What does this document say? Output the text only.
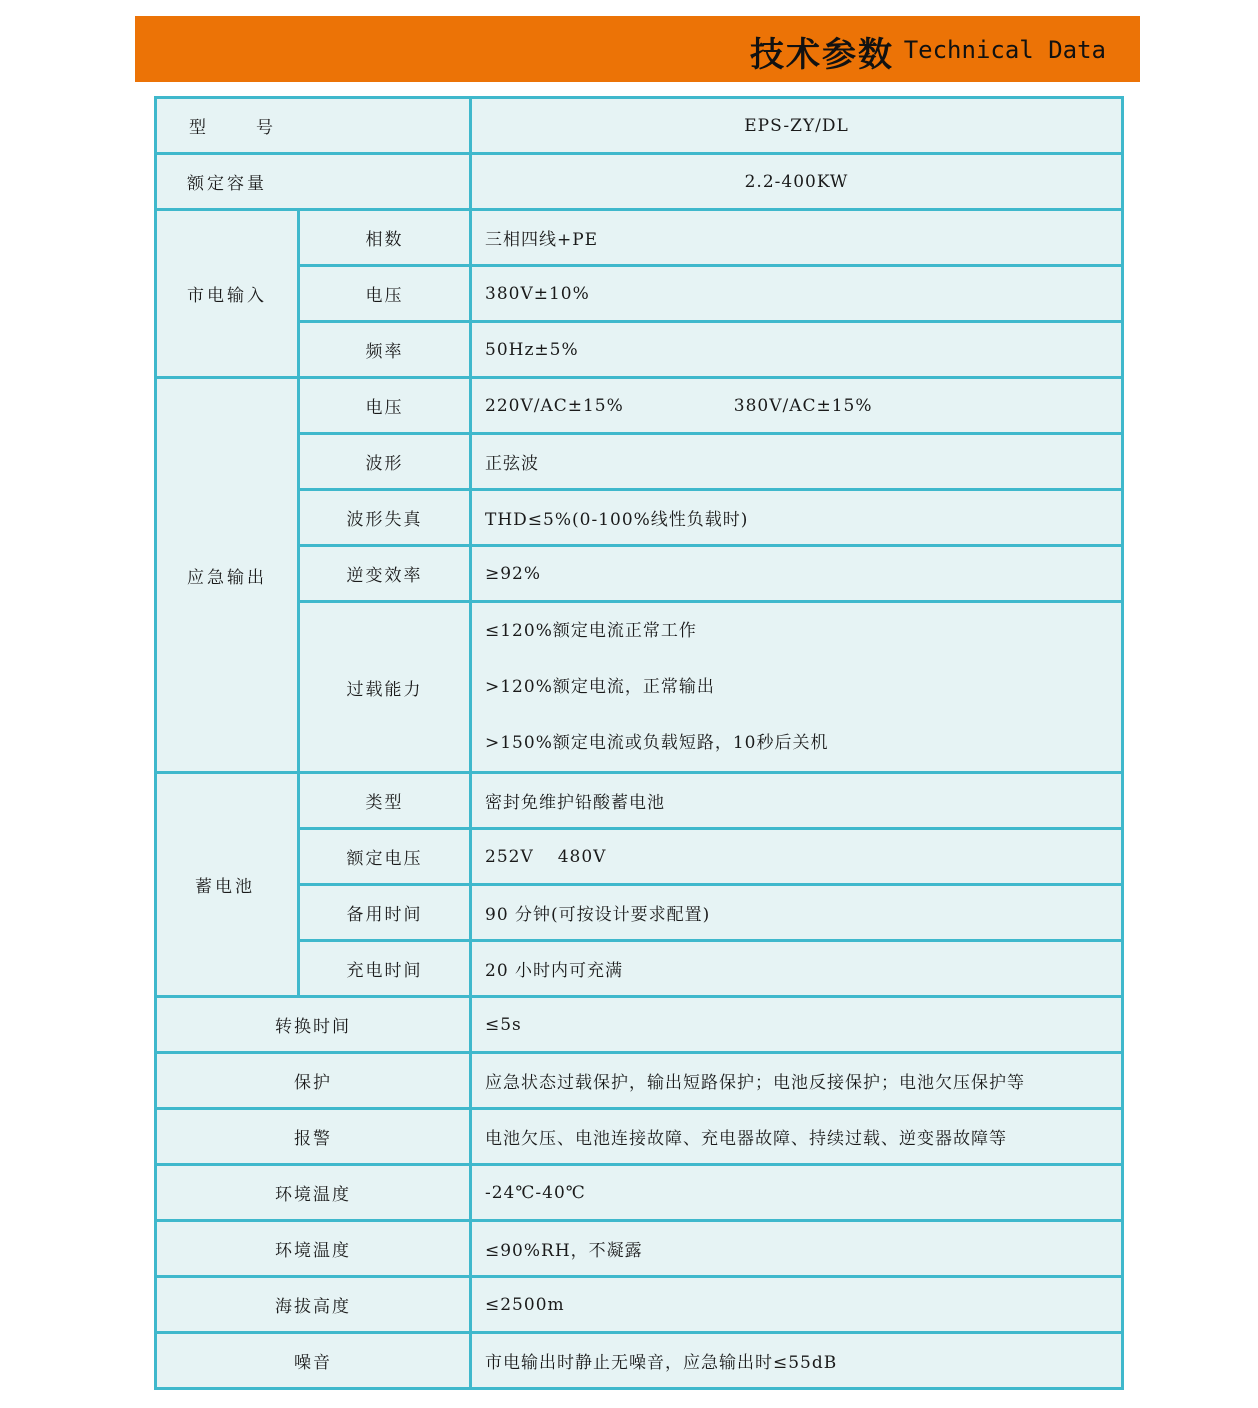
技术参数 Technical Data
型 号		EPS-ZY/DL
额定容量		2.2-400KW
市电输入	相数	三相四线+PE
	电压	380V±10%
	频率	50Hz±5%
应急输出	电压	220V/AC±15% 380V/AC±15%
	波形	正弦波
	波形失真	THD≤5%(0-100%线性负载时)
	逆变效率	≥92%
	过载能力	≤120%额定电流正常工作
>120%额定电流，正常输出
>150%额定电流或负载短路，10秒后关机

蓄电池	类型	密封免维护铅酸蓄电池
	额定电压	252V 480V
	备用时间	90 分钟(可按设计要求配置)
	充电时间	20 小时内可充满
转换时间		≤5s
保护		应急状态过载保护，输出短路保护；电池反接保护；电池欠压保护等
报警		电池欠压、电池连接故障、充电器故障、持续过载、逆变器故障等
环境温度		-24℃-40℃
环境温度		≤90%RH，不凝露
海拔高度		≤2500m
噪音		市电输出时静止无噪音，应急输出时≤55dB
